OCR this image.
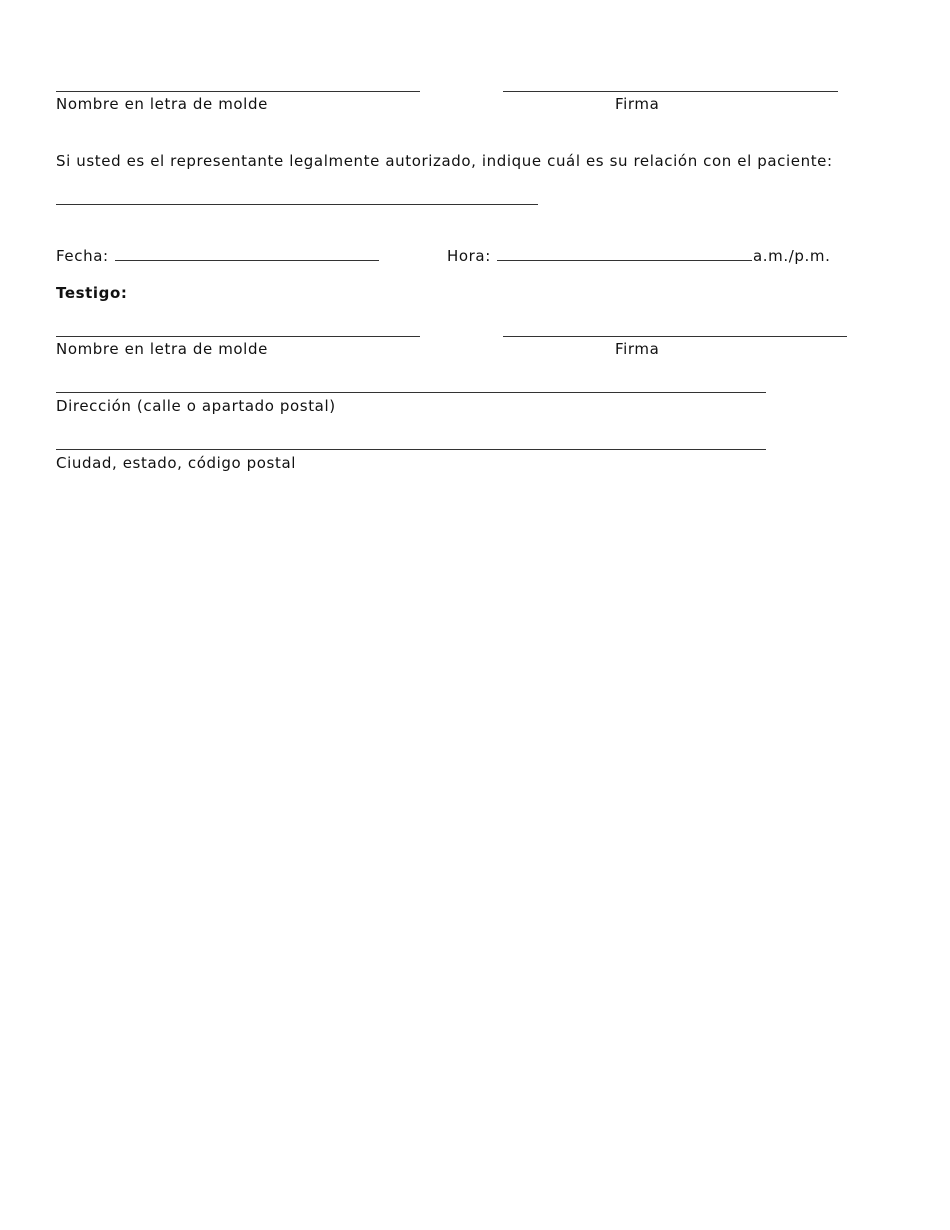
Nombre en letra de molde	Firma
Si usted es el representante legalmente autorizado, indique cuál es su relación con el paciente:
Fecha:	Hora:	a.m./p.m.
Testigo:
Nombre en letra de molde	Firma
Dirección (calle o apartado postal)
Ciudad, estado, código postal
